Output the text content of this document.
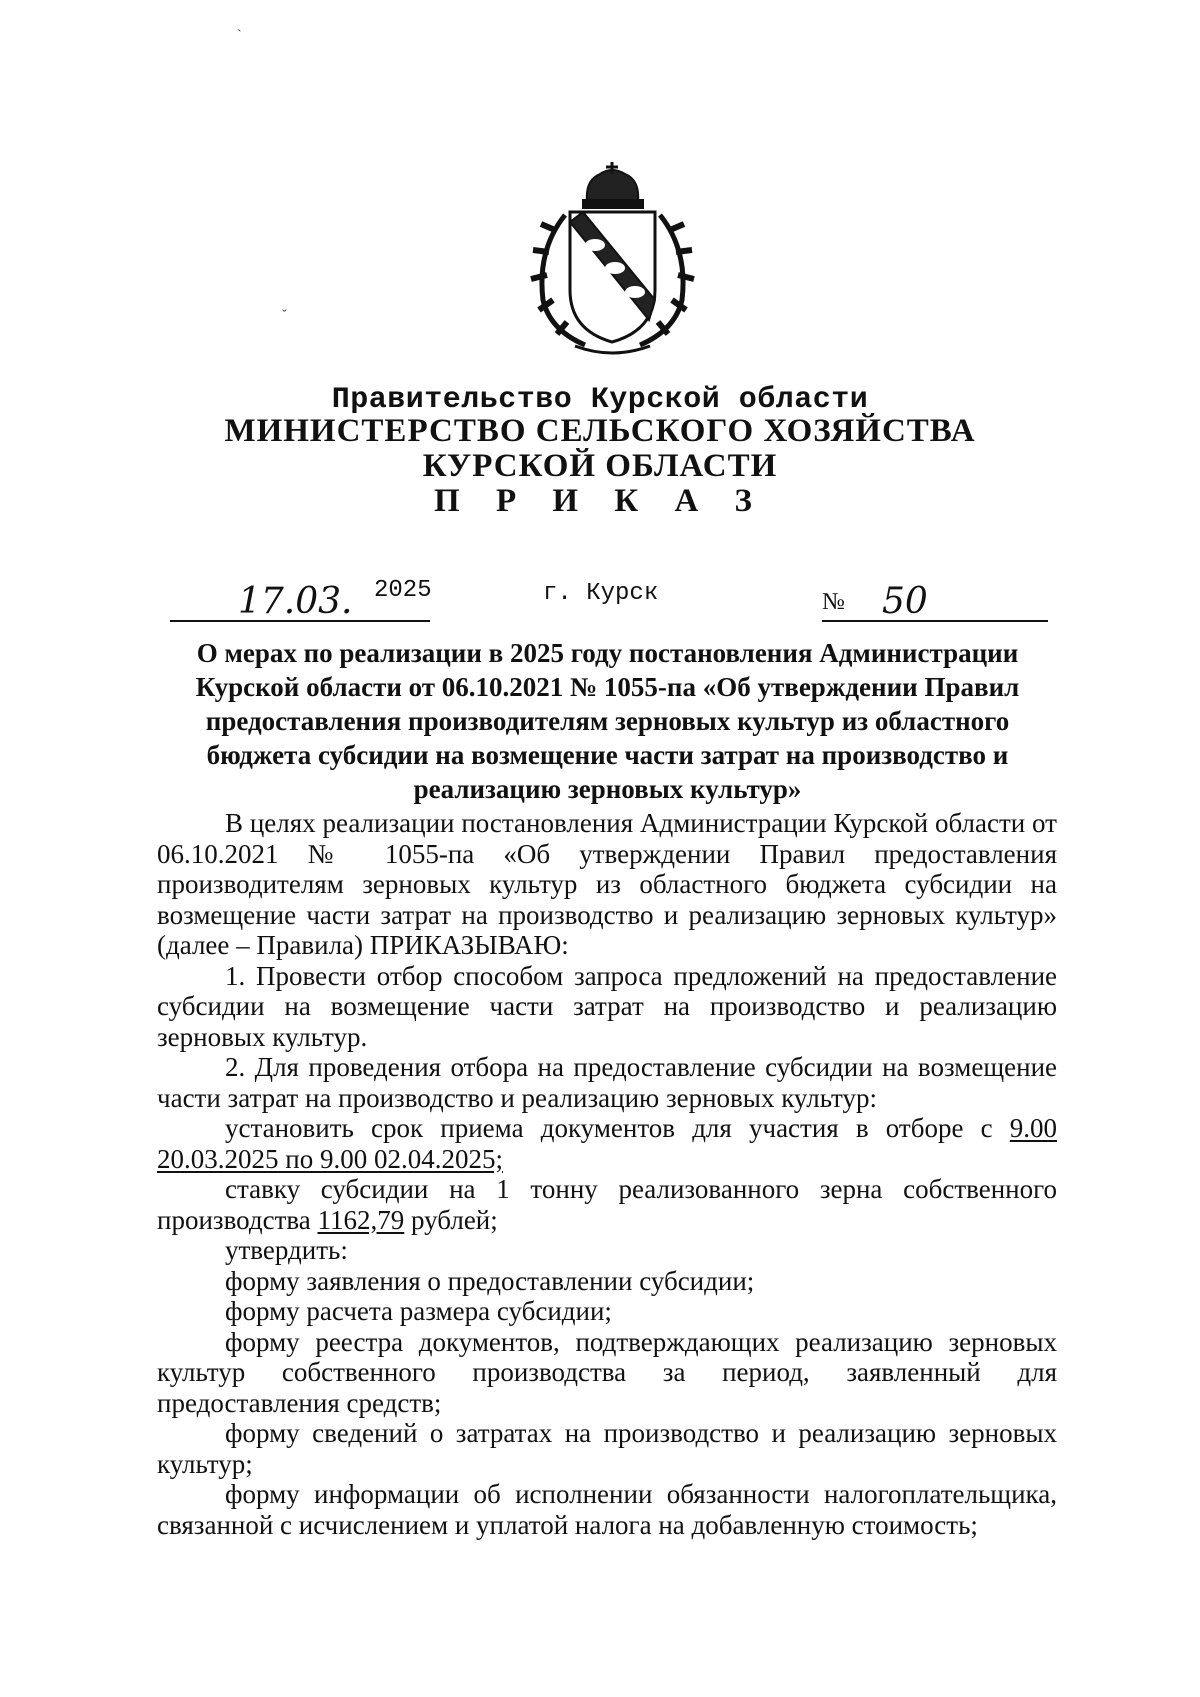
`
ˇ
Правительство Курской области
МИНИСТЕРСТВО СЕЛЬСКОГО ХОЗЯЙСТВА
КУРСКОЙ ОБЛАСТИ
П Р И К А З
17.03. 2025	г. Курск	№ 50
О мерах по реализации в 2025 году постановления Администрации
Курской области от 06.10.2021 № 1055-па «Об утверждении Правил
предоставления производителям зерновых культур из областного
бюджета субсидии на возмещение части затрат на производство и
реализацию зерновых культур»

В целях реализации постановления Администрации Курской области от 06.10.2021 № 1055-па «Об утверждении Правил предоставления производителям зерновых культур из областного бюджета субсидии на возмещение части затрат на производство и реализацию зерновых культур» (далее – Правила) ПРИКАЗЫВАЮ:

1. Провести отбор способом запроса предложений на предоставление субсидии на возмещение части затрат на производство и реализацию зерновых культур.

2. Для проведения отбора на предоставление субсидии на возмещение части затрат на производство и реализацию зерновых культур:

установить срок приема документов для участия в отборе с 9.00 20.03.2025 по 9.00 02.04.2025;

ставку субсидии на 1 тонну реализованного зерна собственного производства 1162,79 рублей;

утвердить:

форму заявления о предоставлении субсидии;

форму расчета размера субсидии;

форму реестра документов, подтверждающих реализацию зерновых культур собственного производства за период, заявленный для предоставления средств;

форму сведений о затратах на производство и реализацию зерновых культур;

форму информации об исполнении обязанности налогоплательщика, связанной с исчислением и уплатой налога на добавленную стоимость;
